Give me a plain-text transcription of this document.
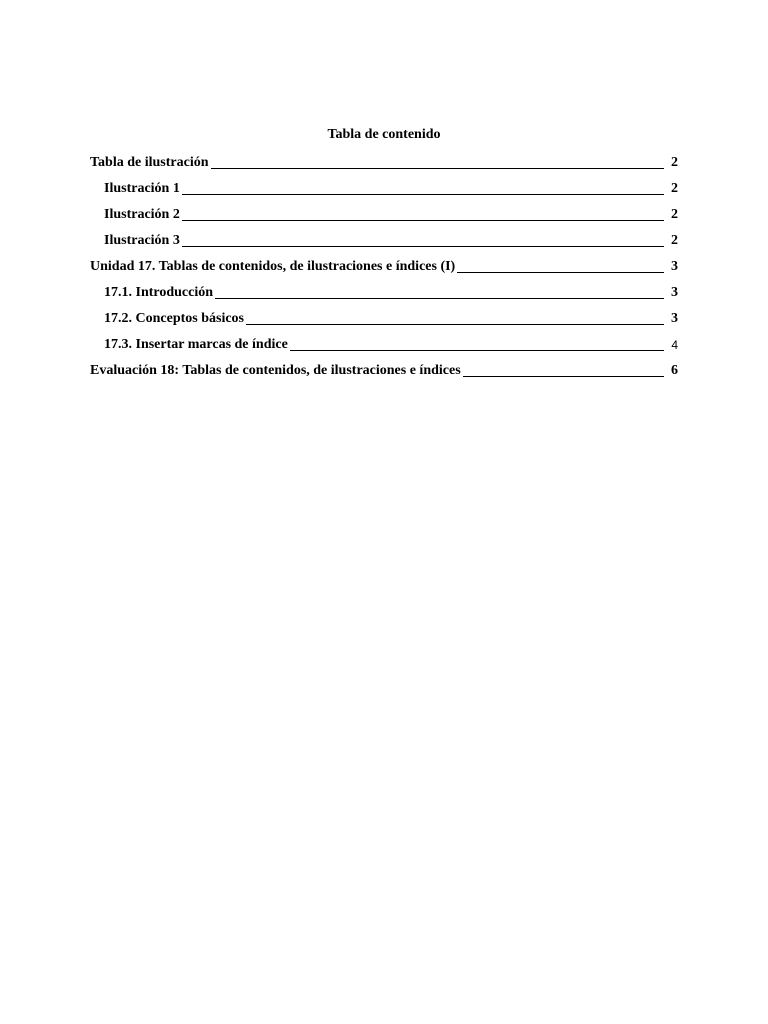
Tabla de contenido
Tabla de ilustración	2
Ilustración 1	2
Ilustración 2	2
Ilustración 3	2
Unidad 17. Tablas de contenidos, de ilustraciones e índices (I)	3
17.1. Introducción	3
17.2. Conceptos básicos	3
17.3. Insertar marcas de índice	4
Evaluación 18: Tablas de contenidos, de ilustraciones e índices	6
